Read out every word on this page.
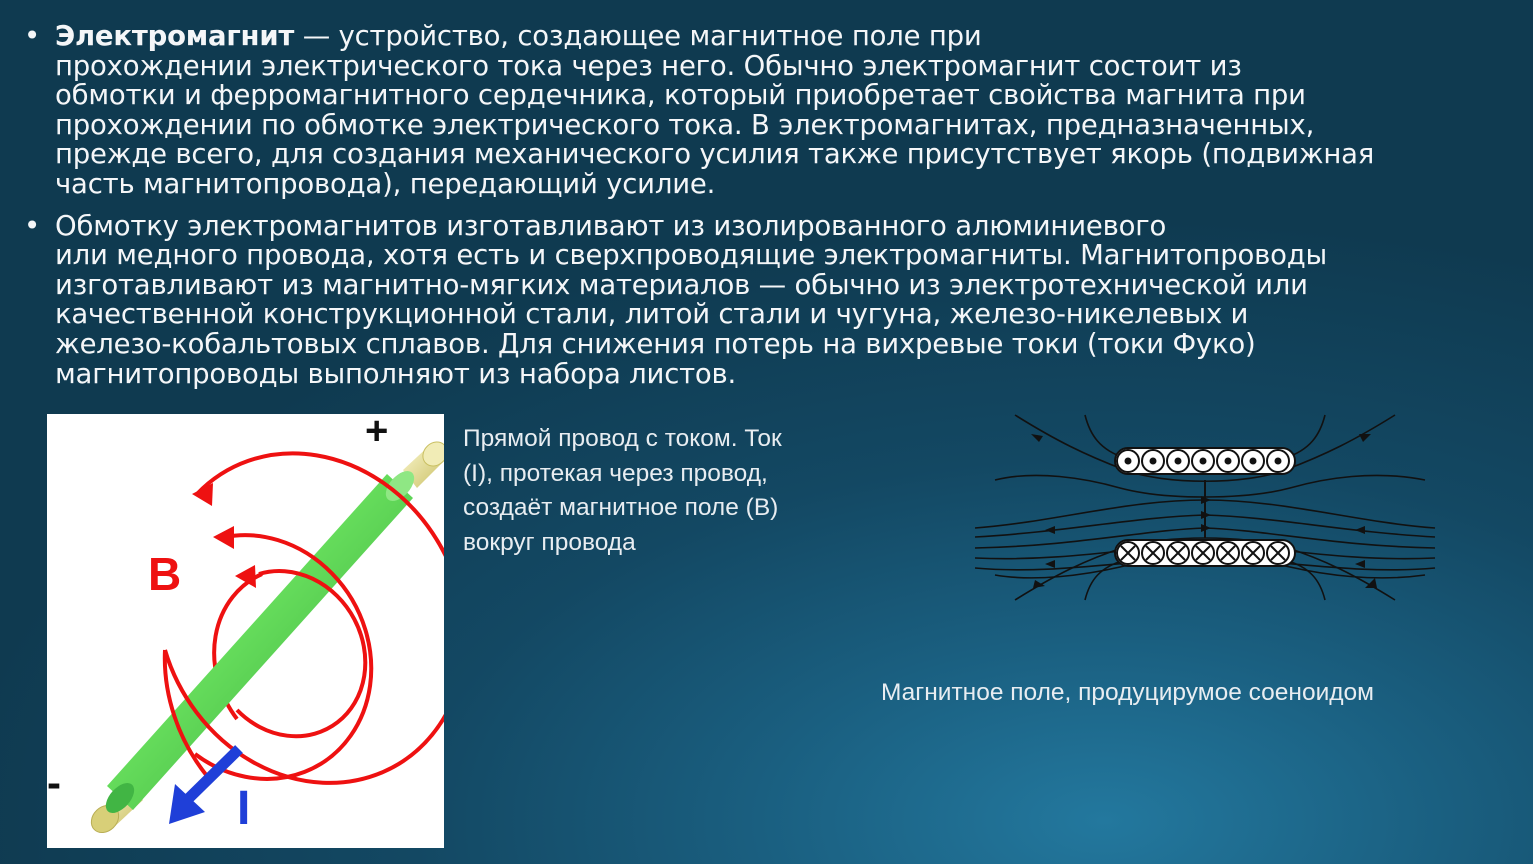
• Электромагнит — устройство, создающее магнитное поле при

прохождении электрического тока через него. Обычно электромагнит состоит из

обмотки и ферромагнитного сердечника, который приобретает свойства магнита при

прохождении по обмотке электрического тока. В электромагнитах, предназначенных,

прежде всего, для создания механического усилия также присутствует якорь (подвижная

часть магнитопровода), передающий усилие.

• Обмотку электромагнитов изготавливают из изолированного алюминиевого

или медного провода, хотя есть и сверхпроводящие электромагниты. Магнитопроводы

изготавливают из магнитно-мягких материалов — обычно из электротехнической или

качественной конструкционной стали, литой стали и чугуна, железо-никелевых и

железо-кобальтовых сплавов. Для снижения потерь на вихревые токи (токи Фуко)

магнитопроводы выполняют из набора листов.

B
I
+
-
Прямой провод с током. Ток
(I), протекая через провод,
создаёт магнитное поле (B)
вокруг провода
Магнитное поле, продуцирумое соеноидом
